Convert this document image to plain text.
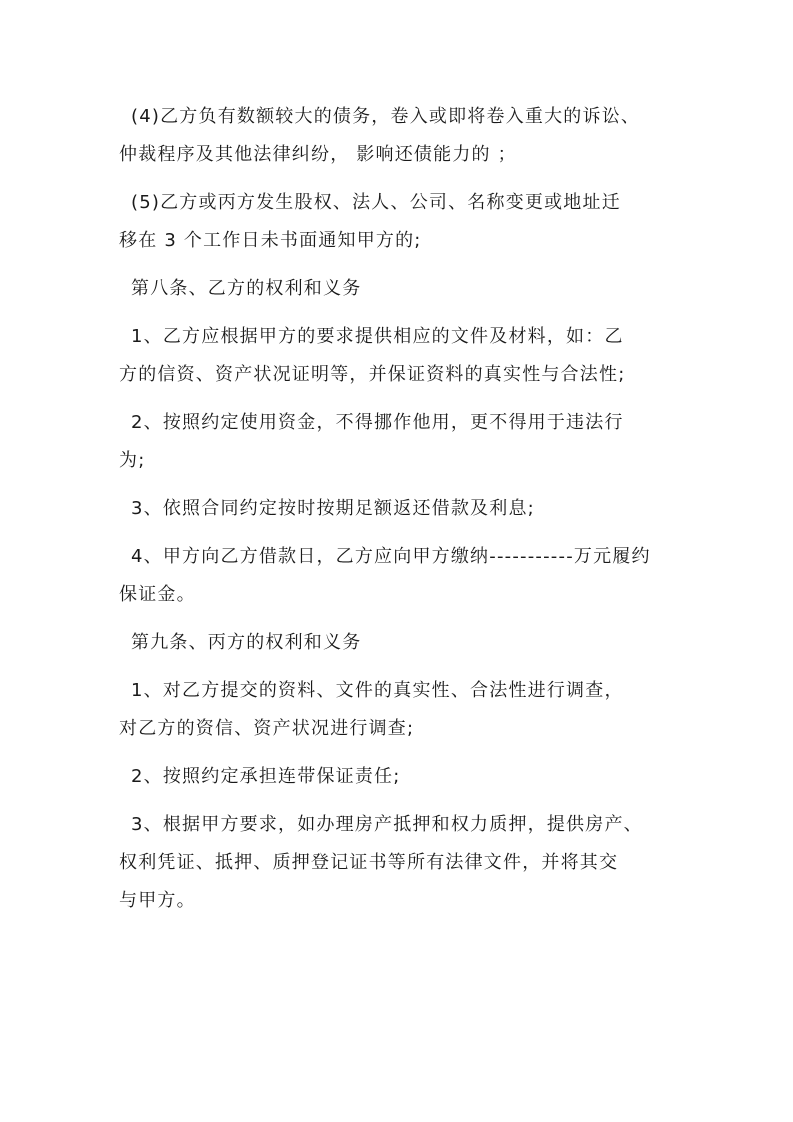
(4)乙方负有数额较大的债务，卷入或即将卷入重大的诉讼、
仲裁程序及其他法律纠纷， 影响还债能力的 ；

(5)乙方或丙方发生股权、法人、公司、名称变更或地址迁
移在 3 个工作日未书面通知甲方的;

第八条、乙方的权利和义务

1、乙方应根据甲方的要求提供相应的文件及材料，如：乙
方的信资、资产状况证明等，并保证资料的真实性与合法性;

2、按照约定使用资金，不得挪作他用，更不得用于违法行
为;

3、依照合同约定按时按期足额返还借款及利息;

4、甲方向乙方借款日，乙方应向甲方缴纳-----------万元履约
保证金。

第九条、丙方的权利和义务

1、对乙方提交的资料、文件的真实性、合法性进行调查，
对乙方的资信、资产状况进行调查;

2、按照约定承担连带保证责任;

3、根据甲方要求，如办理房产抵押和权力质押，提供房产、
权利凭证、抵押、质押登记证书等所有法律文件，并将其交
与甲方。
